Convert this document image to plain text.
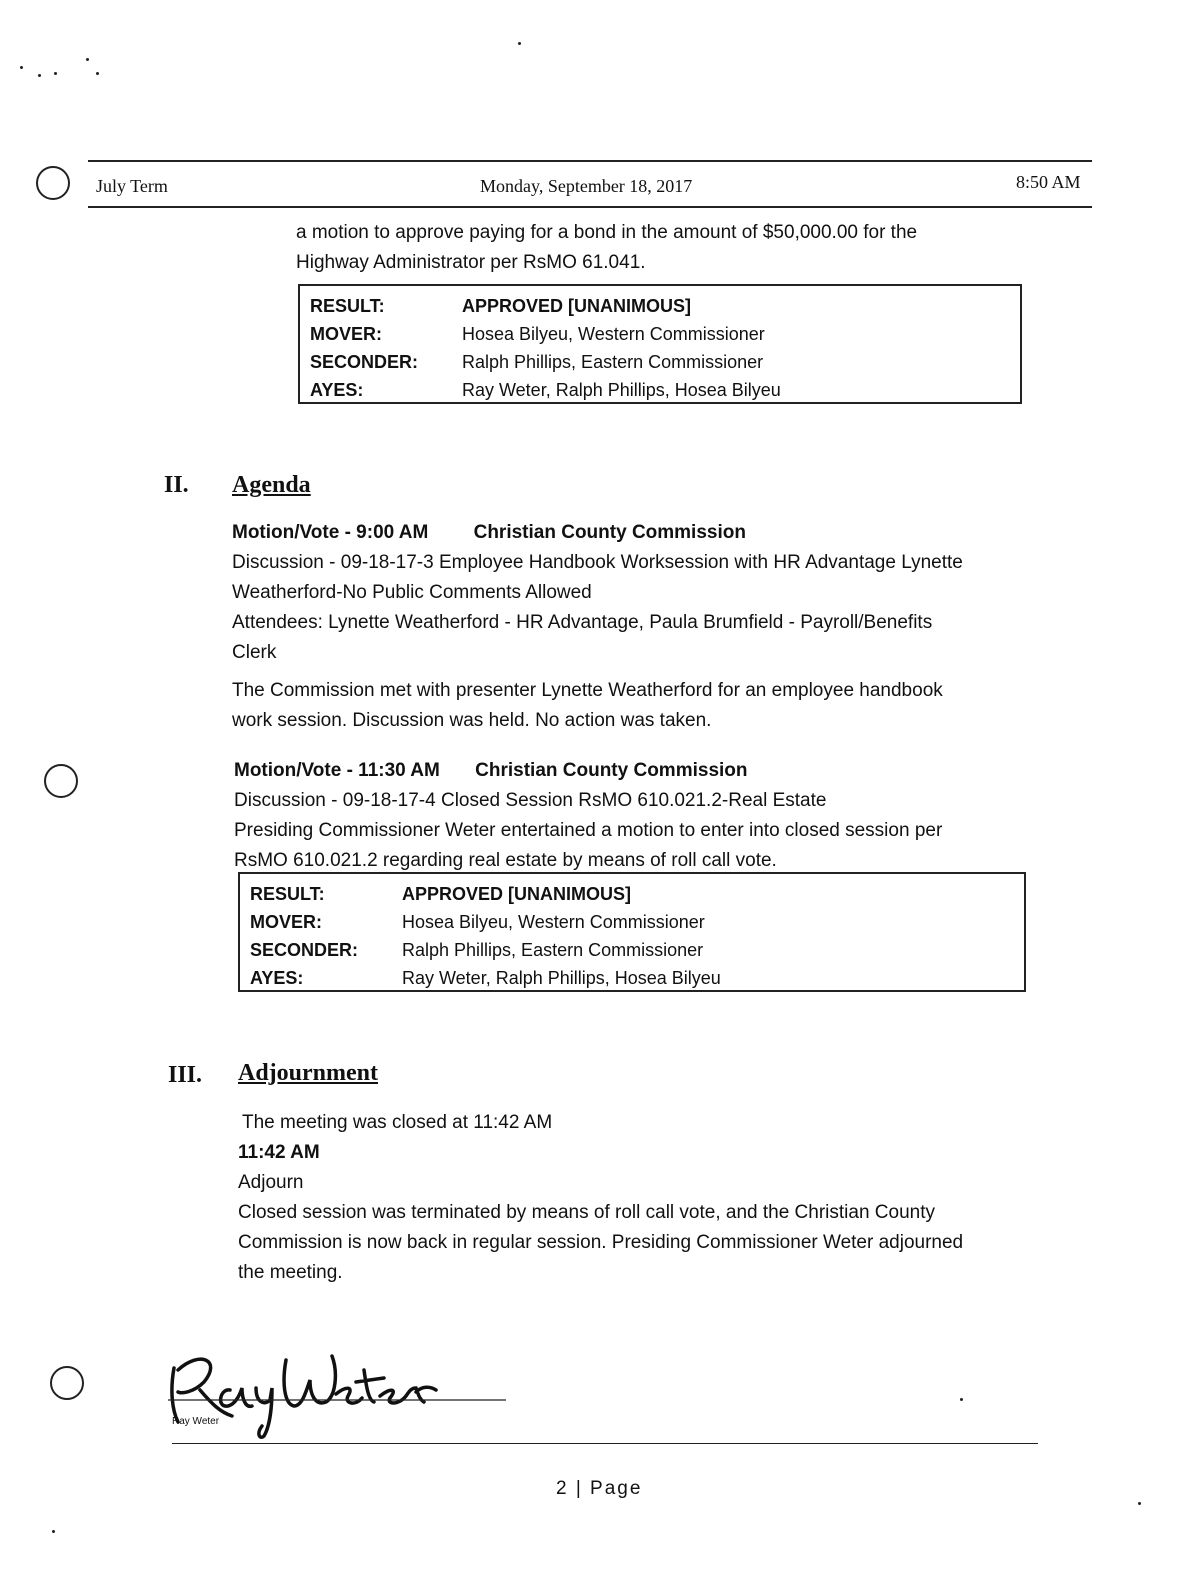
July Term	Monday, September 18, 2017	8:50 AM
a motion to approve paying for a bond in the amount of $50,000.00 for the
Highway Administrator per RsMO 61.041.
RESULT:	APPROVED [UNANIMOUS]
MOVER:	Hosea Bilyeu, Western Commissioner
SECONDER:	Ralph Phillips, Eastern Commissioner
AYES:	Ray Weter, Ralph Phillips, Hosea Bilyeu
II. Agenda
Motion/Vote - 9:00 AM Christian County Commission
Discussion - 09-18-17-3 Employee Handbook Worksession with HR Advantage Lynette
Weatherford-No Public Comments Allowed
Attendees: Lynette Weatherford - HR Advantage, Paula Brumfield - Payroll/Benefits
Clerk
The Commission met with presenter Lynette Weatherford for an employee handbook
work session. Discussion was held. No action was taken.
Motion/Vote - 11:30 AM Christian County Commission
Discussion - 09-18-17-4 Closed Session RsMO 610.021.2-Real Estate
Presiding Commissioner Weter entertained a motion to enter into closed session per
RsMO 610.021.2 regarding real estate by means of roll call vote.
RESULT:	APPROVED [UNANIMOUS]
MOVER:	Hosea Bilyeu, Western Commissioner
SECONDER:	Ralph Phillips, Eastern Commissioner
AYES:	Ray Weter, Ralph Phillips, Hosea Bilyeu
III. Adjournment
The meeting was closed at 11:42 AM
11:42 AM
Adjourn
Closed session was terminated by means of roll call vote, and the Christian County
Commission is now back in regular session. Presiding Commissioner Weter adjourned
the meeting.
Ray Weter
2 | Page
